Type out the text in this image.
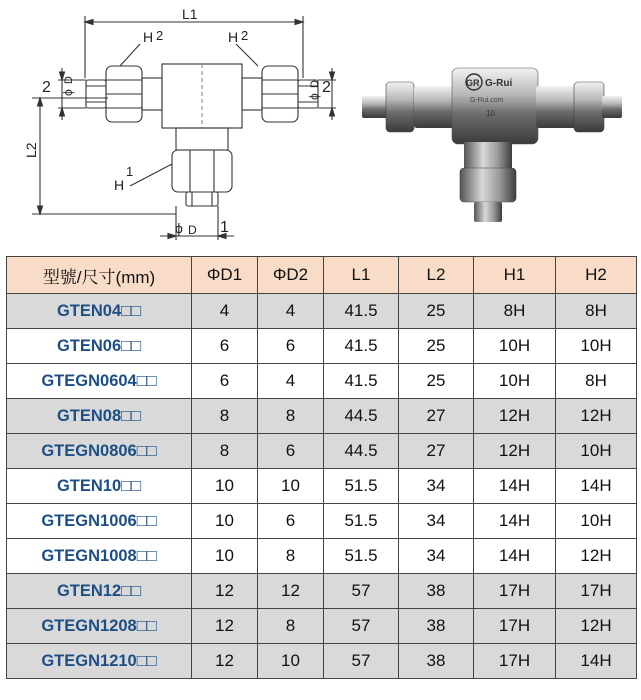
L1
L2
H 2	H 2
H
1
ϕ D 1
2 ϕ
D	2
ϕ
D	GR G-Rui
G-Rui.com
10
型號/尺寸(mm)	ΦD1	ΦD2	L1	L2	H1	H2
GTEN04□□	4	4	41.5	25	8H	8H
GTEN06□□	6	6	41.5	25	10H	10H
GTEGN0604□□	6	4	41.5	25	10H	8H
GTEN08□□	8	8	44.5	27	12H	12H
GTEGN0806□□	8	6	44.5	27	12H	10H
GTEN10□□	10	10	51.5	34	14H	14H
GTEGN1006□□	10	6	51.5	34	14H	10H
GTEGN1008□□	10	8	51.5	34	14H	12H
GTEN12□□	12	12	57	38	17H	17H
GTEGN1208□□	12	8	57	38	17H	12H
GTEGN1210□□	12	10	57	38	17H	14H
